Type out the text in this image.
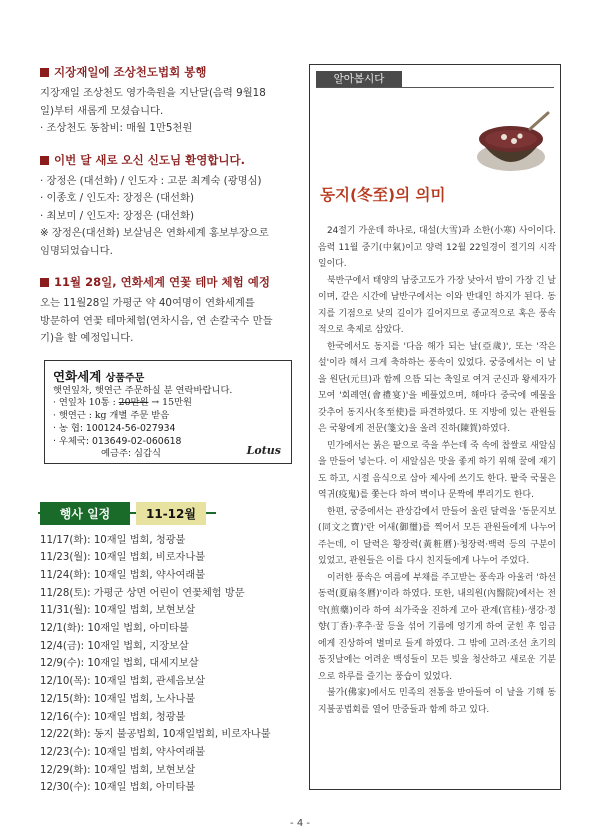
지장재일에 조상천도법회 봉행
지장재일 조상천도 영가축원을 지난달(음력 9월18
일)부터 새롭게 모셨습니다.
· 조상천도 동참비: 매월 1만5천원
이번 달 새로 오신 신도님 환영합니다.
· 장정은 (대선화) / 인도자 : 고문 최계숙 (광명심)
· 이종호 / 인도자: 장정은 (대선화)
· 최보미 / 인도자: 장정은 (대선화)
※ 장정은(대선화) 보살님은 연화세계 홍보부장으로
임명되었습니다.
11월 28일, 연화세계 연꽃 테마 체험 예정
오는 11월28일 가평군 약 40여명이 연화세계를
방문하여 연꽃 테마체험(연차시음, 연 손칼국수 만들
기)을 할 예정입니다.
연화세계 상품주문
햇연잎차, 햇연근 주문하실 분 연락바랍니다.
· 연잎차 10통 : 20만원 → 15만원
· 햇연근 : kg 개별 주문 받음
· 농 협: 100124-56-027934
· 우체국: 013649-02-060618
예금주: 심갑식	Lotus
행사 일정	11-12월
11/17(화): 10재일 법회, 청광불
11/23(월): 10재일 법회, 비로자나불
11/24(화): 10재일 법회, 약사여래불
11/28(토): 가평군 상면 어린이 연꽃체험 방문
11/31(월): 10재일 법회, 보현보살
12/1(화): 10재일 법회, 아미타불
12/4(금): 10재일 법회, 지장보살
12/9(수): 10재일 법회, 대세지보살
12/10(목): 10재일 법회, 관세음보살
12/15(화): 10재일 법회, 노사나불
12/16(수): 10재일 법회, 청광불
12/22(화): 동지 불공법회, 10재일법회, 비로자나불
12/23(수): 10재일 법회, 약사여래불
12/29(화): 10재일 법회, 보현보살
12/30(수): 10재일 법회, 아미타불
알아봅시다
동지(冬至)의 의미

24절기 가운데 하나로, 대설(大雪)과 소한(小寒) 사이이다. 음력 11월 중기(中氣)이고 양력 12월 22일경이 절기의 시작일이다.

북반구에서 태양의 남중고도가 가장 낮아서 밤이 가장 긴 날이며, 같은 시간에 남반구에서는 이와 반대인 하지가 된다. 동지를 기점으로 낮의 길이가 길어지므로 종교적으로 혹은 풍속적으로 축제로 삼았다.

한국에서도 동지를 '다음 해가 되는 날(亞歲)', 또는 '작은 설'이라 해서 크게 축하하는 풍속이 있었다. 궁중에서는 이 날을 원단(元旦)과 함께 으뜸 되는 축일로 여겨 군신과 왕세자가 모여 '회례연(會禮宴)'을 베풀었으며, 해마다 중국에 예물을 갖추어 동지사(冬至使)를 파견하였다. 또 지방에 있는 관원들은 국왕에게 전문(箋文)을 올려 진하(陳賀)하였다.

민가에서는 붉은 팥으로 죽을 쑤는데 죽 속에 찹쌀로 새알심을 만들어 넣는다. 이 새알심은 맛을 좋게 하기 위해 꿀에 재기도 하고, 시절 음식으로 삼아 제사에 쓰기도 한다. 팥죽 국물은 역귀(疫鬼)를 쫓는다 하여 벽이나 문짝에 뿌리기도 한다.

한편, 궁중에서는 관상감에서 만들어 올린 달력을 '동문지보(同文之寶)'란 어새(御璽)를 찍어서 모든 관원들에게 나누어 주는데, 이 달력은 황장력(黃粧曆)·청장력·백력 등의 구분이 있었고, 관원들은 이를 다시 친지들에게 나누어 주었다.

이러한 풍속은 여름에 부채를 주고받는 풍속과 아울러 '하선동력(夏扇冬曆)'이라 하였다. 또한, 내의원(內醫院)에서는 전약(煎藥)이라 하여 쇠가죽을 진하게 고아 관계(官桂)·생강·정향(丁香)·후추·꿀 등을 섞어 기름에 엉기게 하여 굳힌 후 임금에게 진상하여 별미로 들게 하였다. 그 밖에 고려·조선 초기의 동짓날에는 어려운 백성들이 모든 빚을 청산하고 새로운 기분으로 하루를 즐기는 풍습이 있었다.

불가(佛家)에서도 민족의 전통을 받아들여 이 날을 기해 동지불공법회를 열어 만중들과 함께 하고 있다.

- 4 -
